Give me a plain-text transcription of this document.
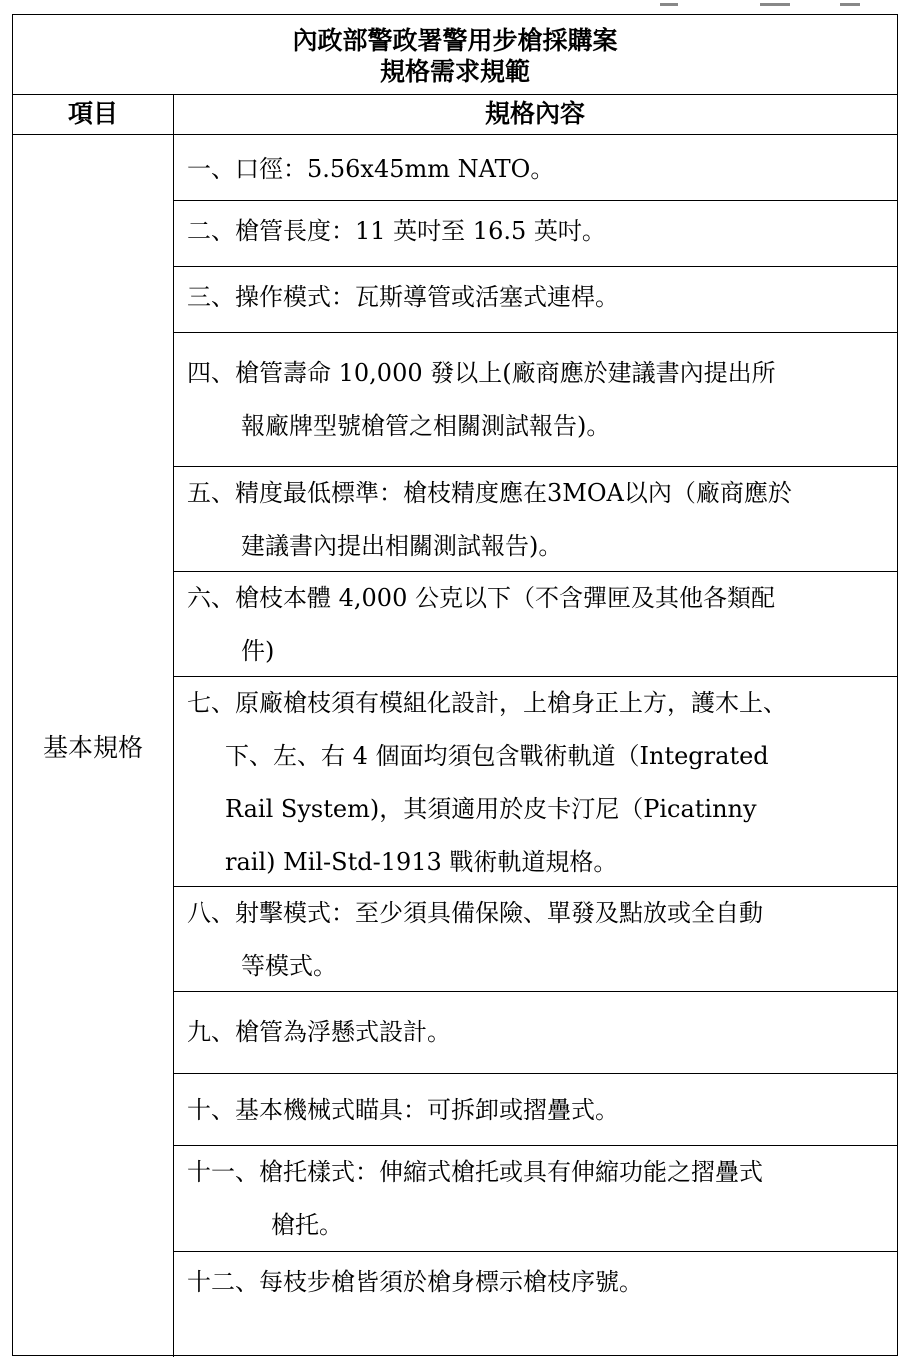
內政部警政署警用步槍採購案
規格需求規範
項目	規格內容
基本規格
一、口徑：5.56x45mm NATO。
二、槍管長度：11 英吋至 16.5 英吋。
三、操作模式：瓦斯導管或活塞式連桿。
四、槍管壽命 10,000 發以上(廠商應於建議書內提出所
報廠牌型號槍管之相關測試報告)。
五、精度最低標準：槍枝精度應在3MOA以內（廠商應於
建議書內提出相關測試報告)。
六、槍枝本體 4,000 公克以下（不含彈匣及其他各類配
件)
七、原廠槍枝須有模組化設計，上槍身正上方，護木上、
下、左、右 4 個面均須包含戰術軌道（Integrated
Rail System)，其須適用於皮卡汀尼（Picatinny
rail) Mil-Std-1913 戰術軌道規格。
八、射擊模式：至少須具備保險、單發及點放或全自動
等模式。
九、槍管為浮懸式設計。
十、基本機械式瞄具：可拆卸或摺疊式。
十一、槍托樣式：伸縮式槍托或具有伸縮功能之摺疊式
槍托。
十二、每枝步槍皆須於槍身標示槍枝序號。
